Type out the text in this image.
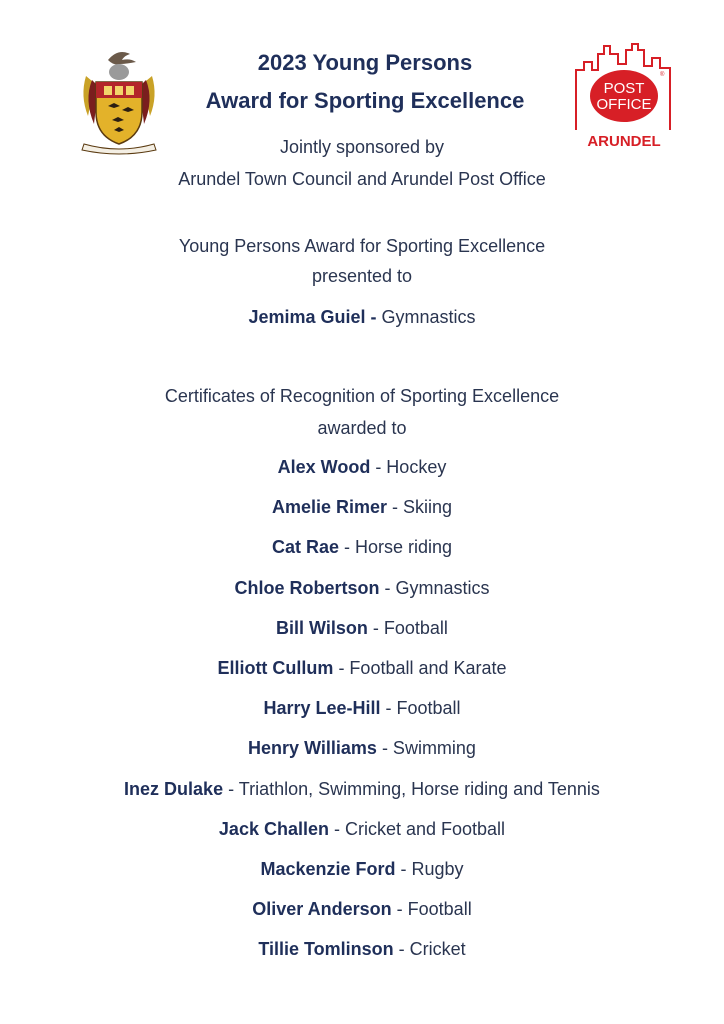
POST
OFFICE
®
ARUNDEL
2023 Young Persons
Award for Sporting Excellence
Jointly sponsored by
Arundel Town Council and Arundel Post Office
Young Persons Award for Sporting Excellence
presented to
Jemima Guiel - Gymnastics
Certificates of Recognition of Sporting Excellence
awarded to
Alex Wood - Hockey
Amelie Rimer - Skiing
Cat Rae - Horse riding
Chloe Robertson - Gymnastics
Bill Wilson - Football
Elliott Cullum - Football and Karate
Harry Lee-Hill - Football
Henry Williams - Swimming
Inez Dulake - Triathlon, Swimming, Horse riding and Tennis
Jack Challen - Cricket and Football
Mackenzie Ford - Rugby
Oliver Anderson - Football
Tillie Tomlinson - Cricket
